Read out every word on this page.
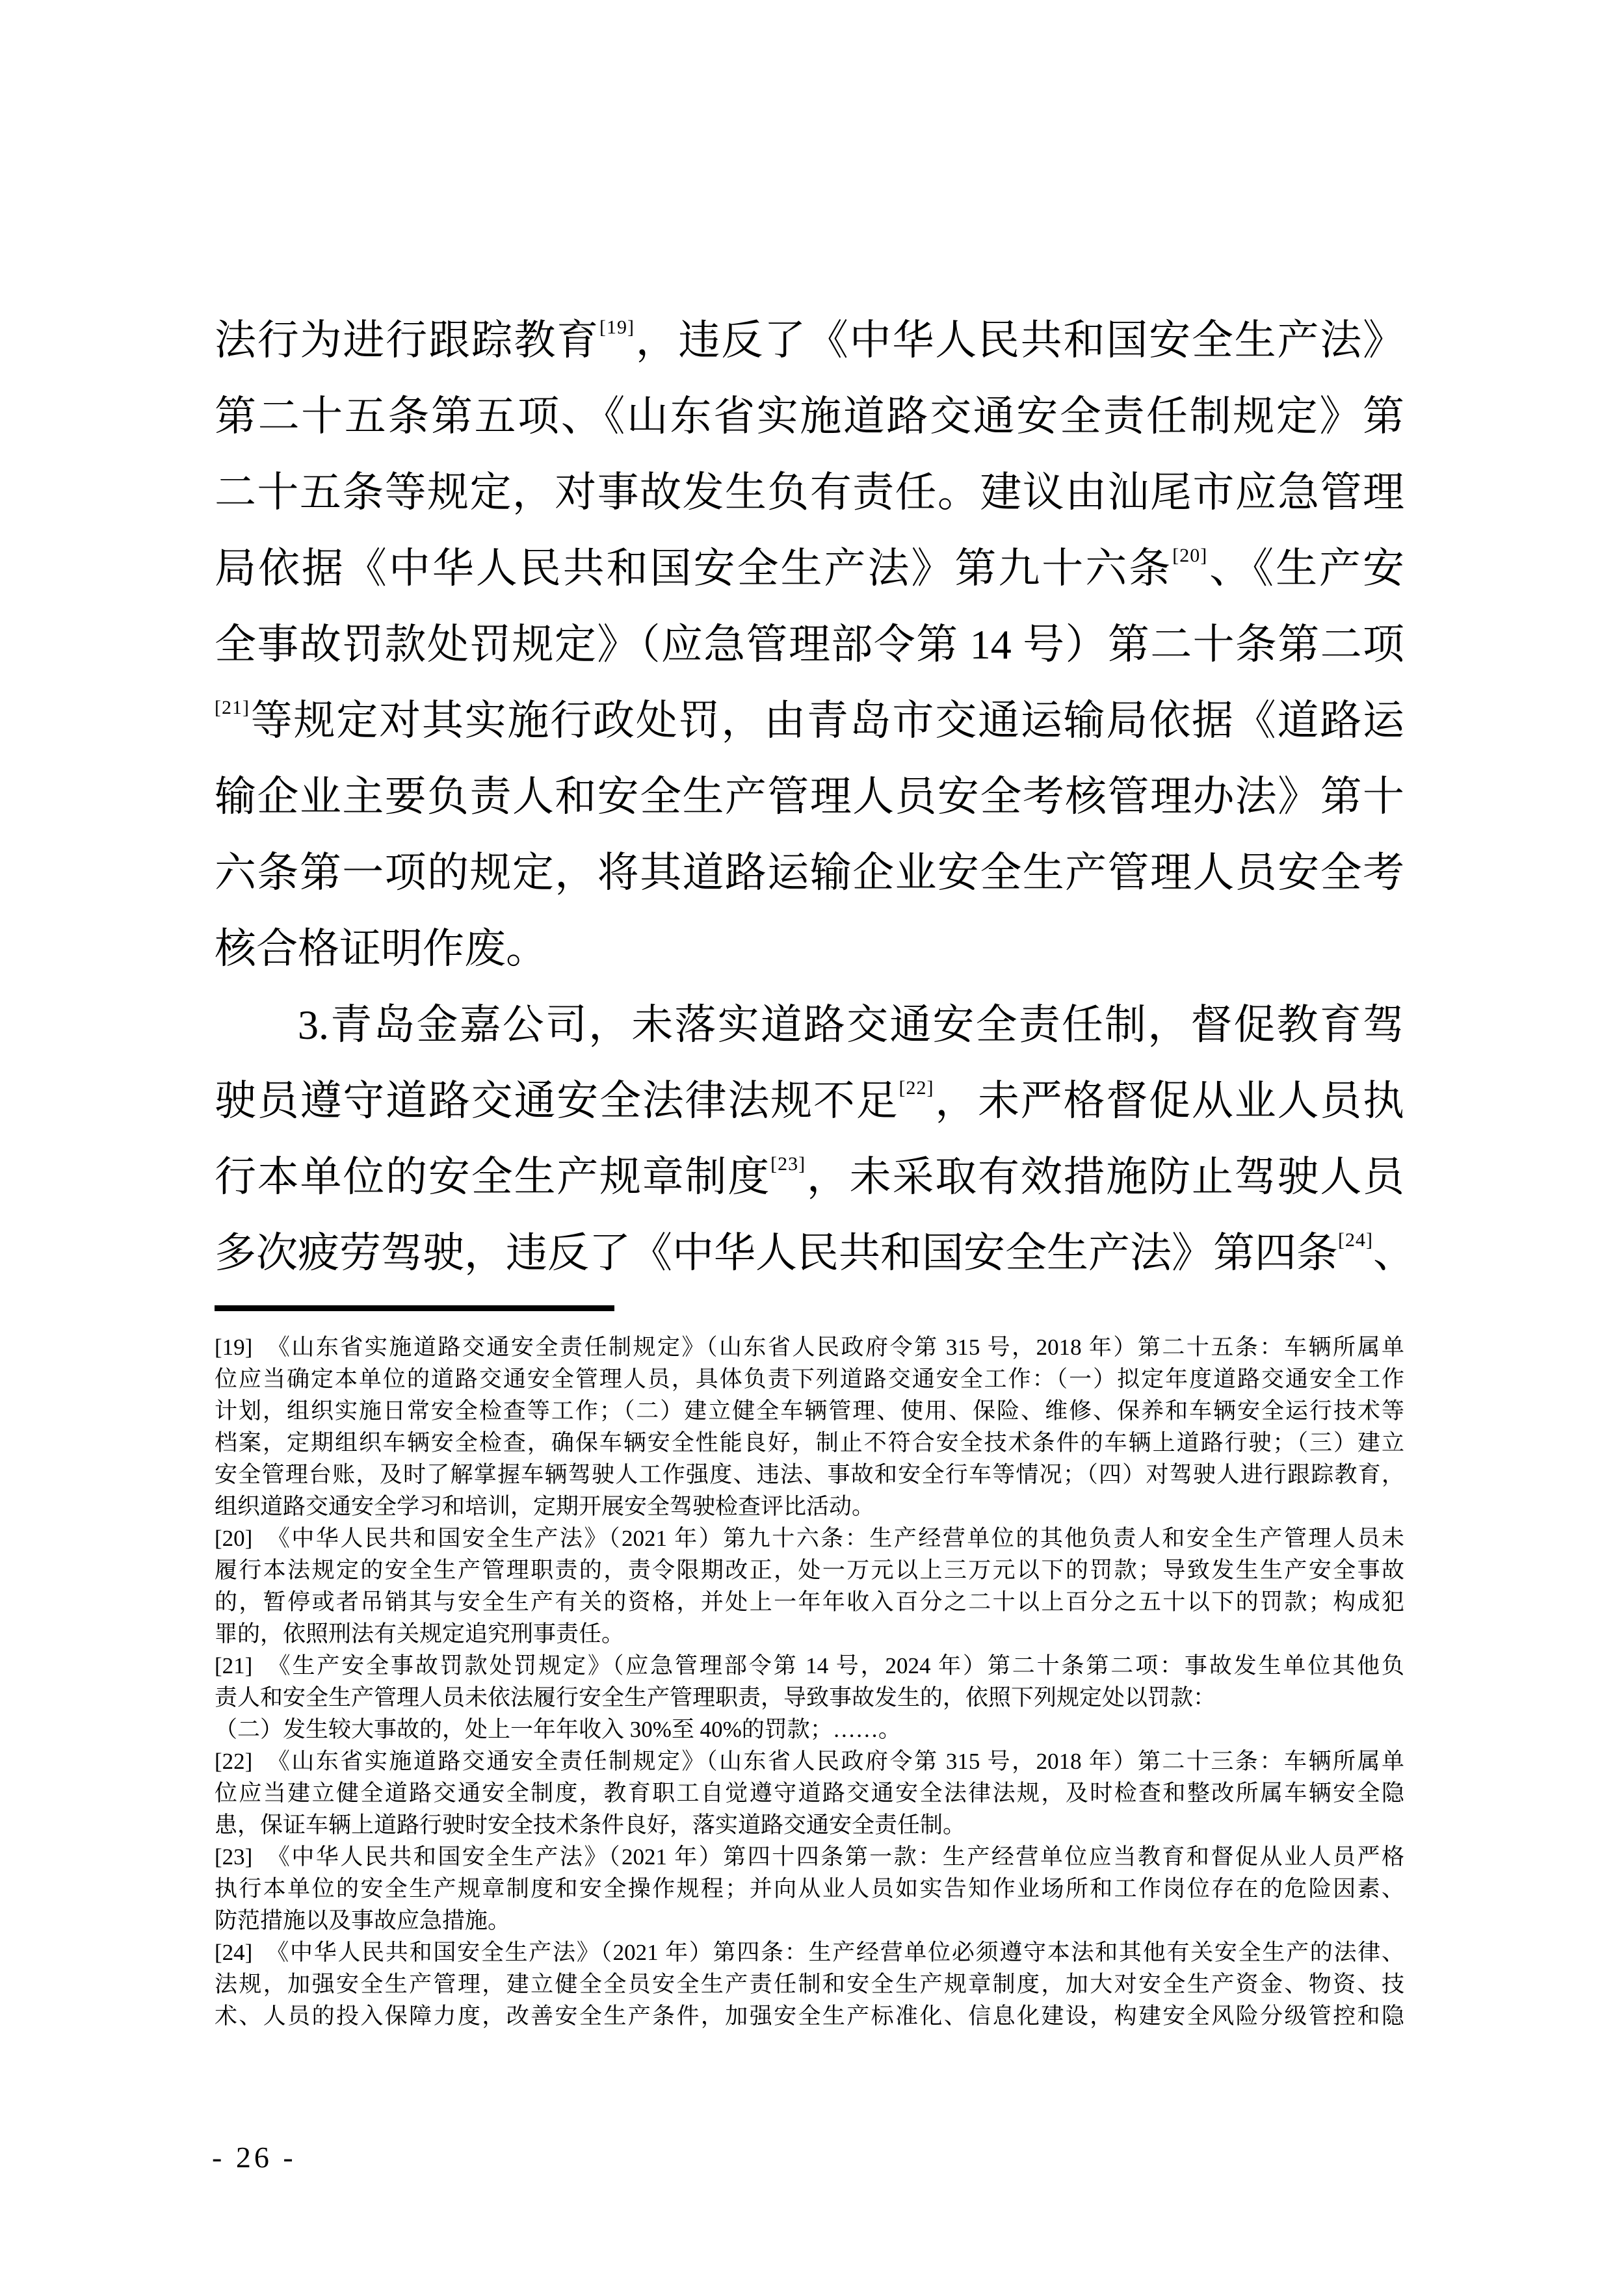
法行为进行跟踪教育[19]，违反了《中华人民共和国安全生产法》
第二十五条第五项、《山东省实施道路交通安全责任制规定》第
二十五条等规定，对事故发生负有责任。建议由汕尾市应急管理
局依据《中华人民共和国安全生产法》第九十六条[20]、《生产安
全事故罚款处罚规定》（应急管理部令第 14 号）第二十条第二项
[21]等规定对其实施行政处罚，由青岛市交通运输局依据《道路运
输企业主要负责人和安全生产管理人员安全考核管理办法》第十
六条第一项的规定，将其道路运输企业安全生产管理人员安全考
核合格证明作废。
3.青岛金嘉公司，未落实道路交通安全责任制，督促教育驾
驶员遵守道路交通安全法律法规不足[22]，未严格督促从业人员执
行本单位的安全生产规章制度[23]，未采取有效措施防止驾驶人员
多次疲劳驾驶，违反了《中华人民共和国安全生产法》第四条[24]、
[19]　《山东省实施道路交通安全责任制规定》（山东省人民政府令第 315 号，2018 年）第二十五条：车辆所属单
位应当确定本单位的道路交通安全管理人员，具体负责下列道路交通安全工作：（一）拟定年度道路交通安全工作
计划，组织实施日常安全检查等工作；（二）建立健全车辆管理、使用、保险、维修、保养和车辆安全运行技术等
档案，定期组织车辆安全检查，确保车辆安全性能良好，制止不符合安全技术条件的车辆上道路行驶；（三）建立
安全管理台账，及时了解掌握车辆驾驶人工作强度、违法、事故和安全行车等情况；（四）对驾驶人进行跟踪教育，
组织道路交通安全学习和培训，定期开展安全驾驶检查评比活动。
[20]　《中华人民共和国安全生产法》（2021 年）第九十六条：生产经营单位的其他负责人和安全生产管理人员未
履行本法规定的安全生产管理职责的，责令限期改正，处一万元以上三万元以下的罚款；导致发生生产安全事故
的，暂停或者吊销其与安全生产有关的资格，并处上一年年收入百分之二十以上百分之五十以下的罚款；构成犯
罪的，依照刑法有关规定追究刑事责任。
[21]　《生产安全事故罚款处罚规定》（应急管理部令第 14 号，2024 年）第二十条第二项：事故发生单位其他负
责人和安全生产管理人员未依法履行安全生产管理职责，导致事故发生的，依照下列规定处以罚款：
（二）发生较大事故的，处上一年年收入 30%至 40%的罚款；……。
[22]　《山东省实施道路交通安全责任制规定》（山东省人民政府令第 315 号，2018 年）第二十三条：车辆所属单
位应当建立健全道路交通安全制度，教育职工自觉遵守道路交通安全法律法规，及时检查和整改所属车辆安全隐
患，保证车辆上道路行驶时安全技术条件良好，落实道路交通安全责任制。
[23]　《中华人民共和国安全生产法》（2021 年）第四十四条第一款：生产经营单位应当教育和督促从业人员严格
执行本单位的安全生产规章制度和安全操作规程；并向从业人员如实告知作业场所和工作岗位存在的危险因素、
防范措施以及事故应急措施。
[24]　《中华人民共和国安全生产法》（2021 年）第四条：生产经营单位必须遵守本法和其他有关安全生产的法律、
法规，加强安全生产管理，建立健全全员安全生产责任制和安全生产规章制度，加大对安全生产资金、物资、技
术、人员的投入保障力度，改善安全生产条件，加强安全生产标准化、信息化建设，构建安全风险分级管控和隐
- 26 -
